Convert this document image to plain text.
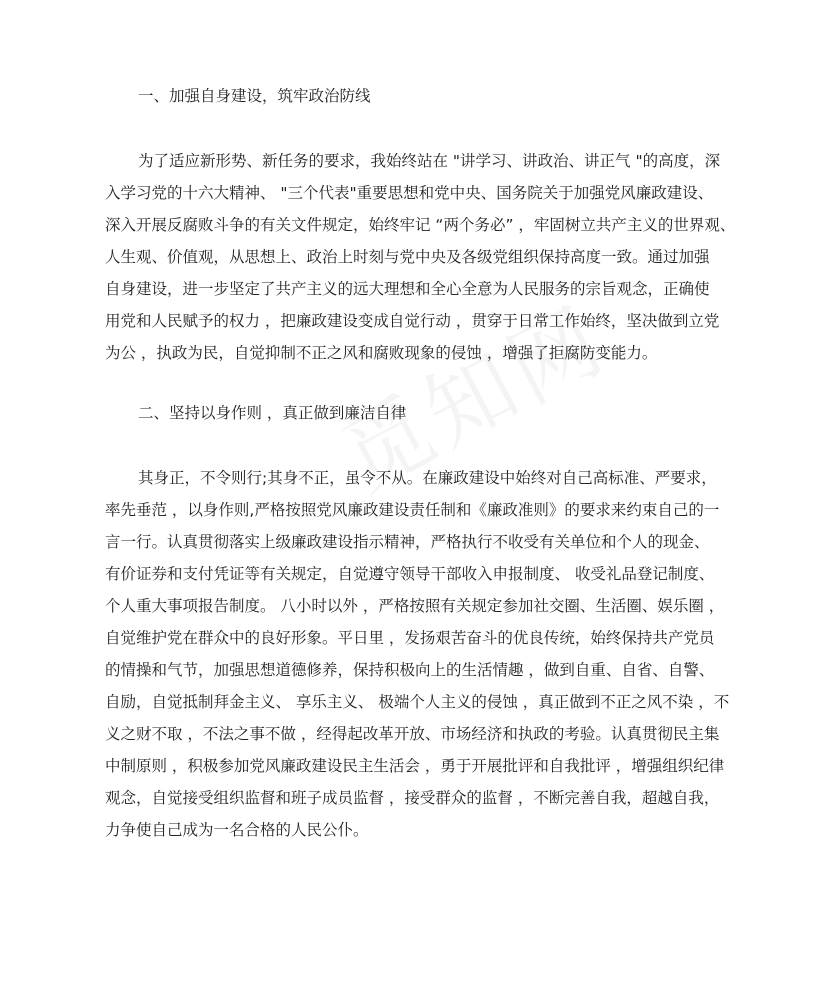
一、加强自身建设，筑牢政治防线
为了适应新形势、新任务的要求，我始终站在 "讲学习、讲政治、讲正气 "的高度，深
入学习党的十六大精神、 "三个代表"重要思想和党中央、国务院关于加强党风廉政建设、
深入开展反腐败斗争的有关文件规定，始终牢记 “两个务必” ，牢固树立共产主义的世界观、
人生观、价值观，从思想上、政治上时刻与党中央及各级党组织保持高度一致。通过加强
自身建设，进一步坚定了共产主义的远大理想和全心全意为人民服务的宗旨观念，正确使
用党和人民赋予的权力 ，把廉政建设变成自觉行动 ，贯穿于日常工作始终，坚决做到立党
为公 ，执政为民，自觉抑制不正之风和腐败现象的侵蚀 ，增强了拒腐防变能力。
二、坚持以身作则 ，真正做到廉洁自律
其身正，不令则行;其身不正，虽令不从。在廉政建设中始终对自己高标准、严要求，
率先垂范 ，以身作则,严格按照党风廉政建设责任制和《廉政准则》的要求来约束自己的一
言一行。认真贯彻落实上级廉政建设指示精神，严格执行不收受有关单位和个人的现金、
有价证券和支付凭证等有关规定，自觉遵守领导干部收入申报制度、 收受礼品登记制度、
个人重大事项报告制度。 八小时以外 ，严格按照有关规定参加社交圈、生活圈、娱乐圈 ，
自觉维护党在群众中的良好形象。平日里 ，发扬艰苦奋斗的优良传统，始终保持共产党员
的情操和气节，加强思想道德修养，保持积极向上的生活情趣 ，做到自重、自省、自警、
自励，自觉抵制拜金主义、 享乐主义、 极端个人主义的侵蚀 ，真正做到不正之风不染 ，不
义之财不取 ，不法之事不做 ，经得起改革开放、市场经济和执政的考验。认真贯彻民主集
中制原则 ，积极参加党风廉政建设民主生活会 ，勇于开展批评和自我批评 ，增强组织纪律
观念，自觉接受组织监督和班子成员监督 ，接受群众的监督 ，不断完善自我，超越自我，
力争使自己成为一名合格的人民公仆。
